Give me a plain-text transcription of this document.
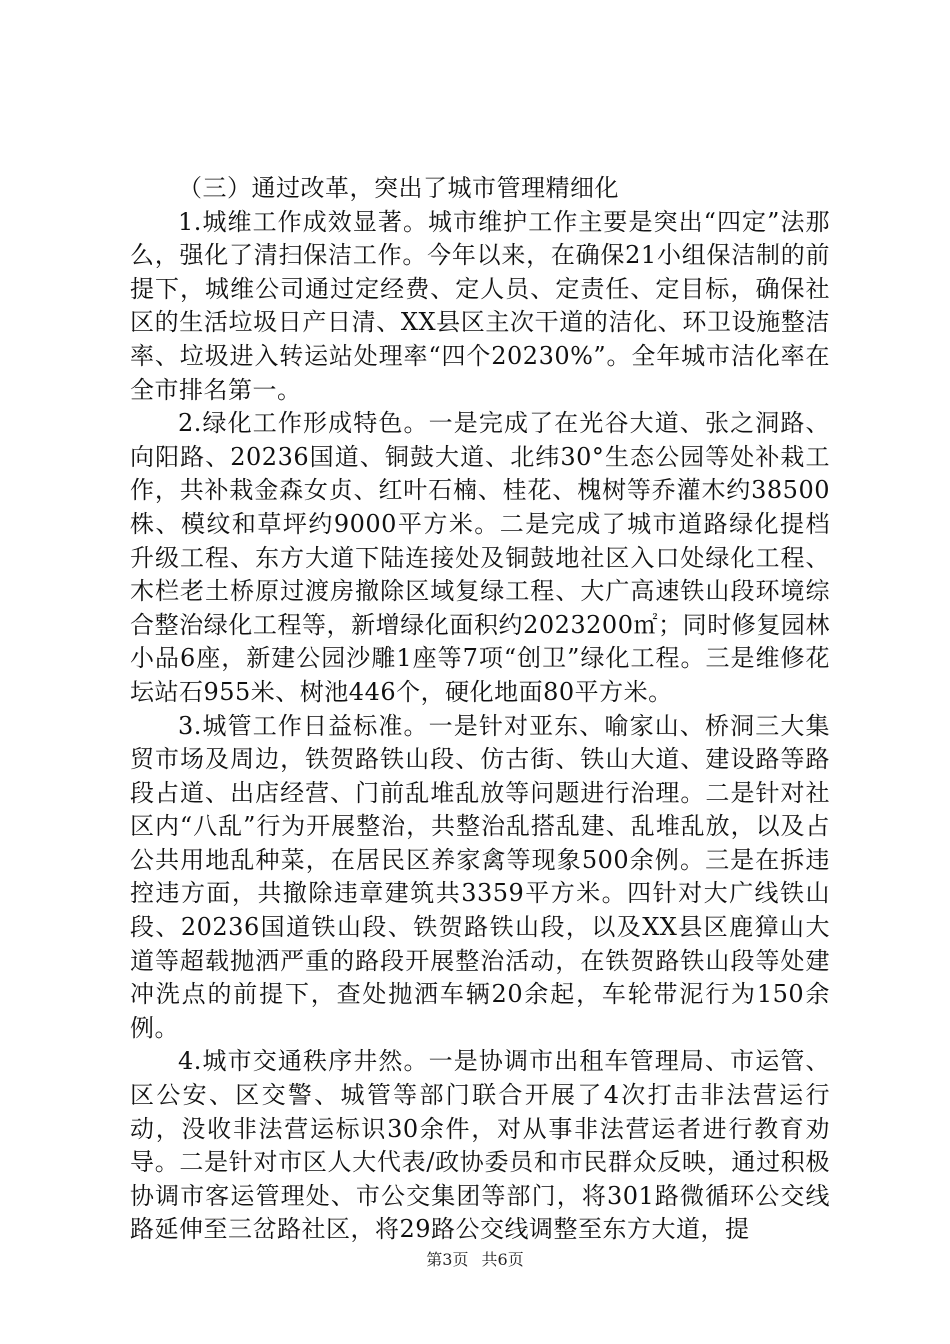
（三）通过改革，突出了城市管理精细化

1.城维工作成效显著。城市维护工作主要是突出“四定”法那么，强化了清扫保洁工作。今年以来，在确保21小组保洁制的前提下，城维公司通过定经费、定人员、定责任、定目标，确保社区的生活垃圾日产日清、XX县区主次干道的洁化、环卫设施整洁率、垃圾进入转运站处理率“四个20230%”。全年城市洁化率在全市排名第一。

2.绿化工作形成特色。一是完成了在光谷大道、张之洞路、向阳路、20236国道、铜鼓大道、北纬30°生态公园等处补栽工作，共补栽金森女贞、红叶石楠、桂花、槐树等乔灌木约38500株、模纹和草坪约9000平方米。二是完成了城市道路绿化提档升级工程、东方大道下陆连接处及铜鼓地社区入口处绿化工程、木栏老土桥原过渡房撤除区域复绿工程、大广高速铁山段环境综合整治绿化工程等，新增绿化面积约2023200㎡；同时修复园林小品6座，新建公园沙雕1座等7项“创卫”绿化工程。三是维修花坛站石955米、树池446个，硬化地面80平方米。

3.城管工作日益标准。一是针对亚东、喻家山、桥洞三大集贸市场及周边，铁贺路铁山段、仿古街、铁山大道、建设路等路段占道、出店经营、门前乱堆乱放等问题进行治理。二是针对社区内“八乱”行为开展整治，共整治乱搭乱建、乱堆乱放，以及占公共用地乱种菜，在居民区养家禽等现象500余例。三是在拆违控违方面，共撤除违章建筑共3359平方米。四针对大广线铁山段、20236国道铁山段、铁贺路铁山段，以及XX县区鹿獐山大道等超载抛洒严重的路段开展整治活动，在铁贺路铁山段等处建冲洗点的前提下，查处抛洒车辆20余起，车轮带泥行为150余例。

4.城市交通秩序井然。一是协调市出租车管理局、市运管、区公安、区交警、城管等部门联合开展了4次打击非法营运行动，没收非法营运标识30余件，对从事非法营运者进行教育劝导。二是针对市区人大代表/政协委员和市民群众反映，通过积极协调市客运管理处、市公交集团等部门，将301路微循环公交线路延伸至三岔路社区，将29路公交线调整至东方大道，提

第3页 共6页
